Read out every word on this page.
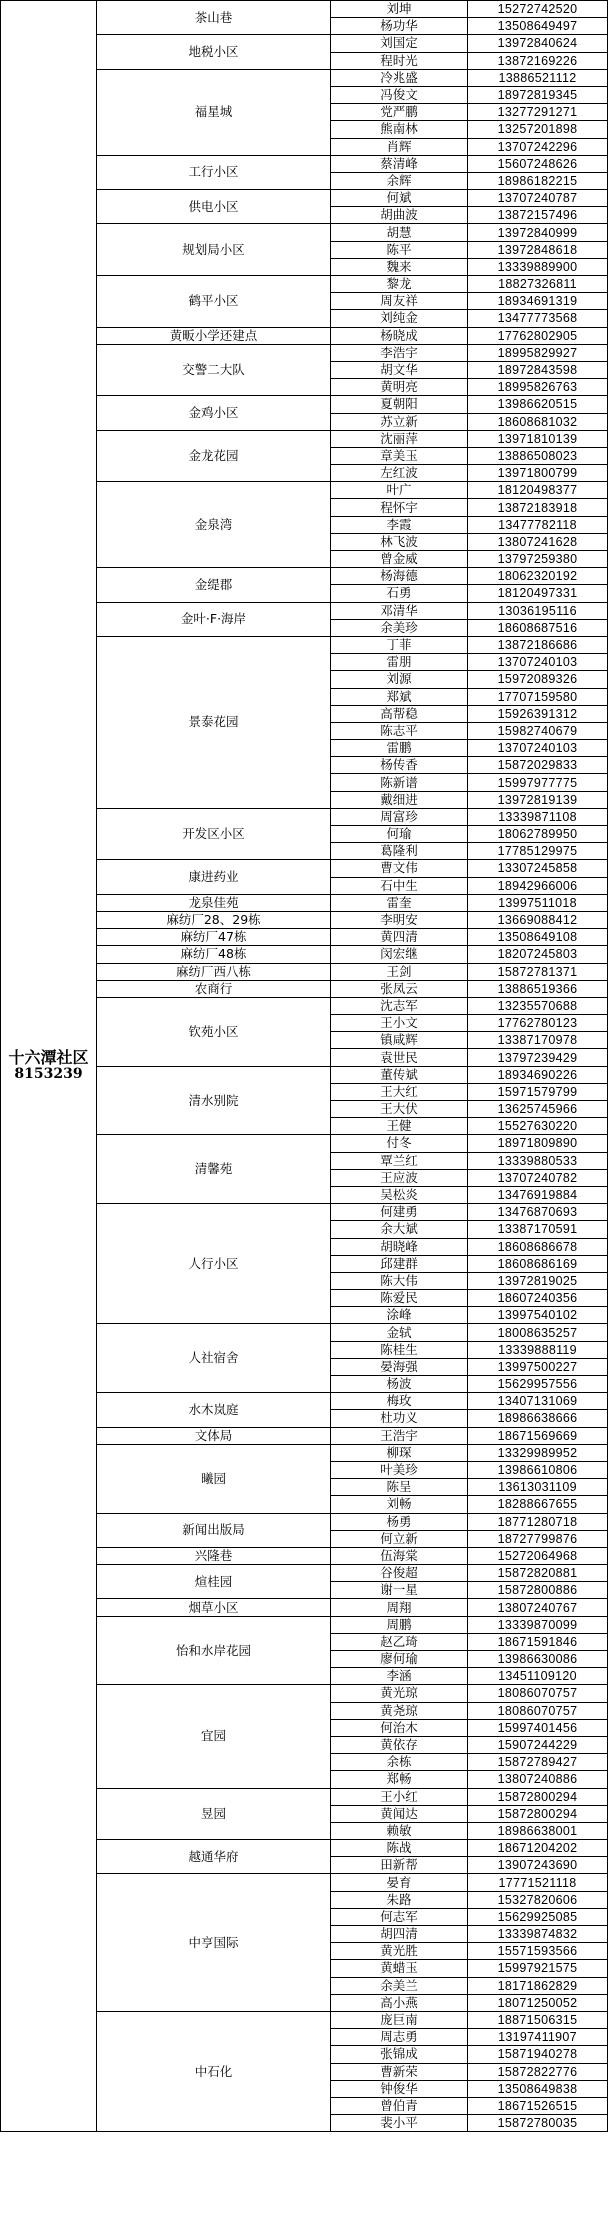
十六潭社区
8153239	茶山巷	刘坤	15272742520
		杨功华	13508649497
	地税小区	刘国定	13972840624
		程时光	13872169226
	福星城	冷兆盛	13886521112
		冯俊文	18972819345
		党严鹏	13277291271
		熊南林	13257201898
		肖辉	13707242296
	工行小区	蔡清峰	15607248626
		余辉	18986182215
	供电小区	何斌	13707240787
		胡曲波	13872157496
	规划局小区	胡慧	13972840999
		陈平	13972848618
		魏来	13339889900
	鹤平小区	黎龙	18827326811
		周友祥	18934691319
		刘纯金	13477773568
	黄畈小学还建点	杨晓成	17762802905
	交警二大队	李浩宇	18995829927
		胡文华	18972843598
		黄明亮	18995826763
	金鸡小区	夏朝阳	13986620515
		苏立新	18608681032
	金龙花园	沈丽萍	13971810139
		章美玉	13886508023
		左红波	13971800799
	金泉湾	叶广	18120498377
		程怀宇	13872183918
		李霞	13477782118
		林飞波	13807241628
		曾金威	13797259380
	金缇郡	杨海德	18062320192
		石勇	18120497331
	金叶·F·海岸	邓清华	13036195116
		余美珍	18608687516
	景泰花园	丁菲	13872186686
		雷朋	13707240103
		刘源	15972089326
		郑斌	17707159580
		高帮稳	15926391312
		陈志平	15982740679
		雷鹏	13707240103
		杨传香	15872029833
		陈新谱	15997977775
		戴细进	13972819139
	开发区小区	周富珍	13339871108
		何瑜	18062789950
		葛隆利	17785129975
	康进药业	曹文伟	13307245858
		石中生	18942966006
	龙泉佳苑	雷奎	13997511018
	麻纺厂28、29栋	李明安	13669088412
	麻纺厂47栋	黄四清	13508649108
	麻纺厂48栋	闵宏继	18207245803
	麻纺厂西八栋	王剑	15872781371
	农商行	张凤云	13886519366
	钦苑小区	沈志军	13235570688
		王小文	17762780123
		镇咸辉	13387170978
		袁世民	13797239429
	清水别院	董传斌	18934690226
		王大红	15971579799
		王大伏	13625745966
		王健	15527630220
	清馨苑	付冬	18971809890
		覃兰红	13339880533
		王应波	13707240782
		吴松炎	13476919884
	人行小区	何建勇	13476870693
		余大斌	13387170591
		胡晓峰	18608686678
		邱建群	18608686169
		陈大伟	13972819025
		陈爱民	18607240356
		涂峰	13997540102
	人社宿舍	金轼	18008635257
		陈桂生	13339888119
		晏海强	13997500227
		杨波	15629957556
	水木岚庭	梅玫	13407131069
		杜功义	18986638666
	文体局	王浩宇	18671569669
	曦园	柳琛	13329989952
		叶美珍	13986610806
		陈呈	13613031109
		刘畅	18288667655
	新闻出版局	杨勇	18771280718
		何立新	18727799876
	兴隆巷	伍海棠	15272064968
	煊桂园	谷俊超	15872820881
		谢一星	15872800886
	烟草小区	周翔	13807240767
	怡和水岸花园	周鹏	13339870099
		赵乙琦	18671591846
		廖何瑜	13986630086
		李涵	13451109120
	宜园	黄光琼	18086070757
		黄尧琼	18086070757
		何治木	15997401456
		黄依存	15907244229
		余栋	15872789427
		郑畅	13807240886
	昱园	王小红	15872800294
		黄闻达	15872800294
		赖敏	18986638001
	越通华府	陈战	18671204202
		田新帮	13907243690
	中亨国际	晏育	17771521118
		朱路	15327820606
		何志军	15629925085
		胡四清	13339874832
		黄光胜	15571593566
		黄蜡玉	15997921575
		余美兰	18171862829
		高小燕	18071250052
	中石化	庞巨南	18871506315
		周志勇	13197411907
		张锦成	15871940278
		曹新荣	15872822776
		钟俊华	13508649838
		曾伯青	18671526515
		裴小平	15872780035
